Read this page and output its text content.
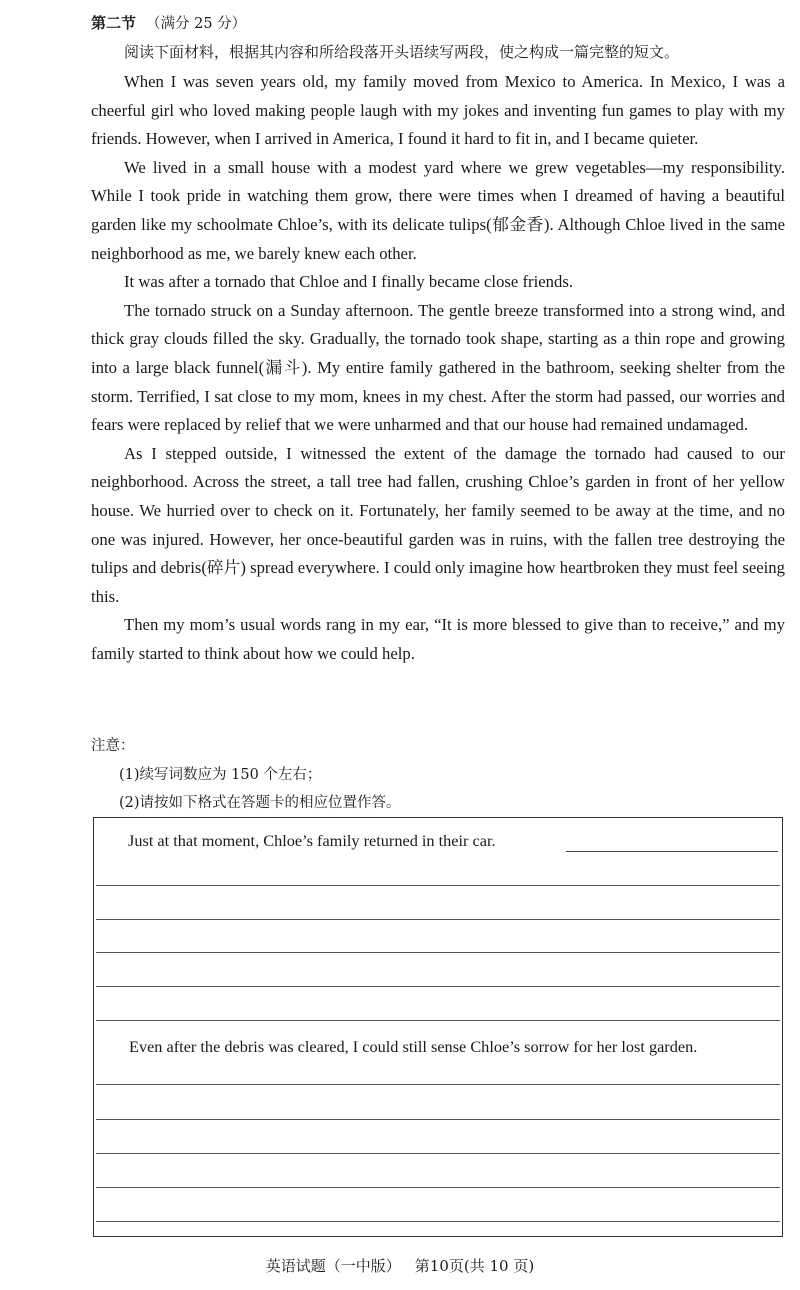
第二节 （满分 25 分）
阅读下面材料，根据其内容和所给段落开头语续写两段，使之构成一篇完整的短文。

When I was seven years old, my family moved from Mexico to America. In Mexico, I was a cheerful girl who loved making people laugh with my jokes and inventing fun games to play with my friends. However, when I arrived in America, I found it hard to fit in, and I became quieter.

We lived in a small house with a modest yard where we grew vegetables—my responsibility. While I took pride in watching them grow, there were times when I dreamed of having a beautiful garden like my schoolmate Chloe’s, with its delicate tulips(郁金香). Although Chloe lived in the same neighborhood as me, we barely knew each other.

It was after a tornado that Chloe and I finally became close friends.

The tornado struck on a Sunday afternoon. The gentle breeze transformed into a strong wind, and thick gray clouds filled the sky. Gradually, the tornado took shape, starting as a thin rope and growing into a large black funnel(漏斗). My entire family gathered in the bathroom, seeking shelter from the storm. Terrified, I sat close to my mom, knees in my chest. After the storm had passed, our worries and fears were replaced by relief that we were unharmed and that our house had remained undamaged.

As I stepped outside, I witnessed the extent of the damage the tornado had caused to our neighborhood. Across the street, a tall tree had fallen, crushing Chloe’s garden in front of her yellow house. We hurried over to check on it. Fortunately, her family seemed to be away at the time, and no one was injured. However, her once-beautiful garden was in ruins, with the fallen tree destroying the tulips and debris(碎片) spread everywhere. I could only imagine how heartbroken they must feel seeing this.

Then my mom’s usual words rang in my ear, “It is more blessed to give than to receive,” and my family started to think about how we could help.

注意：
(1)续写词数应为 150 个左右；
(2)请按如下格式在答题卡的相应位置作答。
Just at that moment, Chloe’s family returned in their car.
Even after the debris was cleared, I could still sense Chloe’s sorrow for her lost garden.
英语试题（一中版） 第10页(共 10 页)
